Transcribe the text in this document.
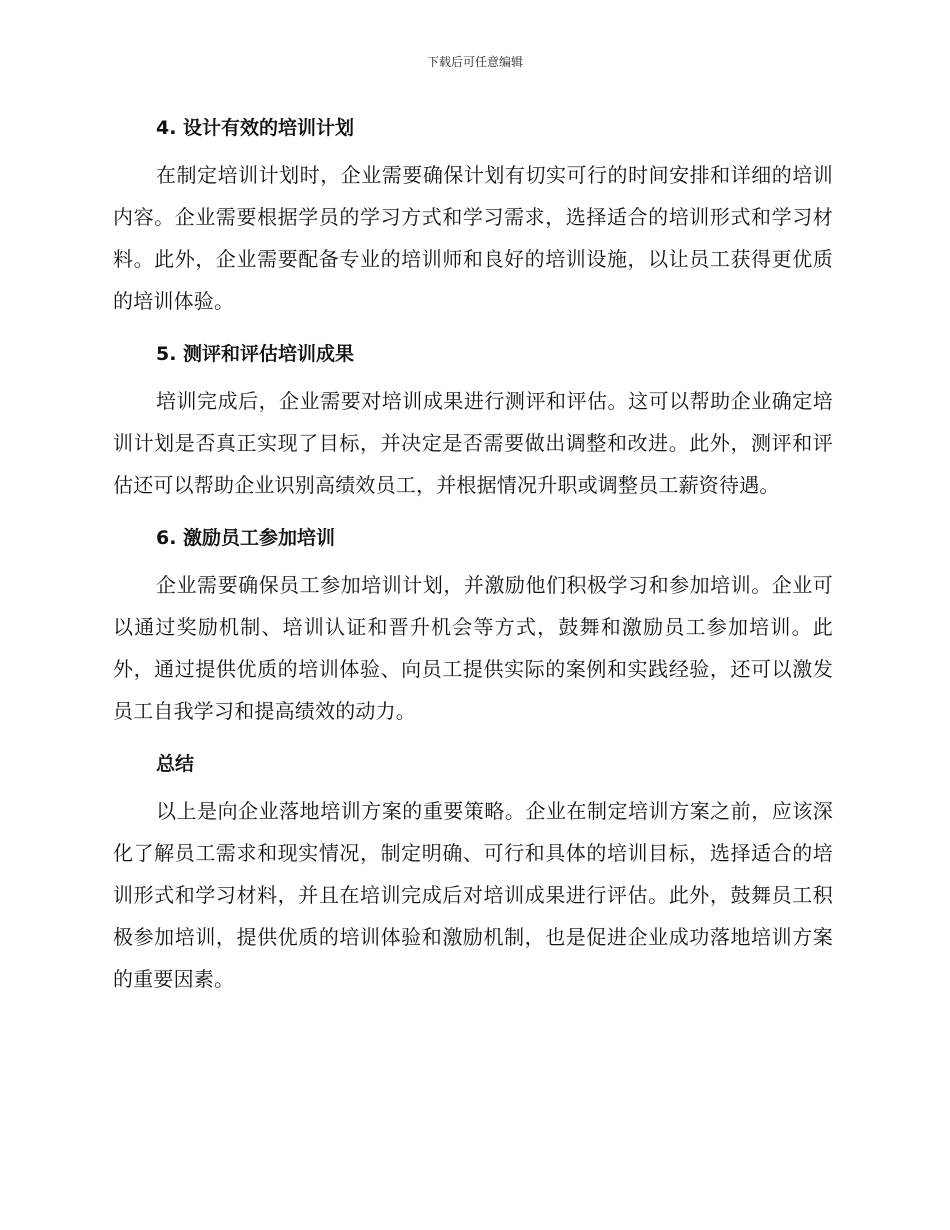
下载后可任意编辑
4. 设计有效的培训计划

在制定培训计划时，企业需要确保计划有切实可行的时间安排和详细的培训内容。企业需要根据学员的学习方式和学习需求，选择适合的培训形式和学习材料。此外，企业需要配备专业的培训师和良好的培训设施，以让员工获得更优质的培训体验。

5. 测评和评估培训成果

培训完成后，企业需要对培训成果进行测评和评估。这可以帮助企业确定培训计划是否真正实现了目标，并决定是否需要做出调整和改进。此外，测评和评估还可以帮助企业识别高绩效员工，并根据情况升职或调整员工薪资待遇。

6. 激励员工参加培训

企业需要确保员工参加培训计划，并激励他们积极学习和参加培训。企业可以通过奖励机制、培训认证和晋升机会等方式，鼓舞和激励员工参加培训。此外，通过提供优质的培训体验、向员工提供实际的案例和实践经验，还可以激发员工自我学习和提高绩效的动力。

总结

以上是向企业落地培训方案的重要策略。企业在制定培训方案之前，应该深化了解员工需求和现实情况，制定明确、可行和具体的培训目标，选择适合的培训形式和学习材料，并且在培训完成后对培训成果进行评估。此外，鼓舞员工积极参加培训，提供优质的培训体验和激励机制，也是促进企业成功落地培训方案的重要因素。
